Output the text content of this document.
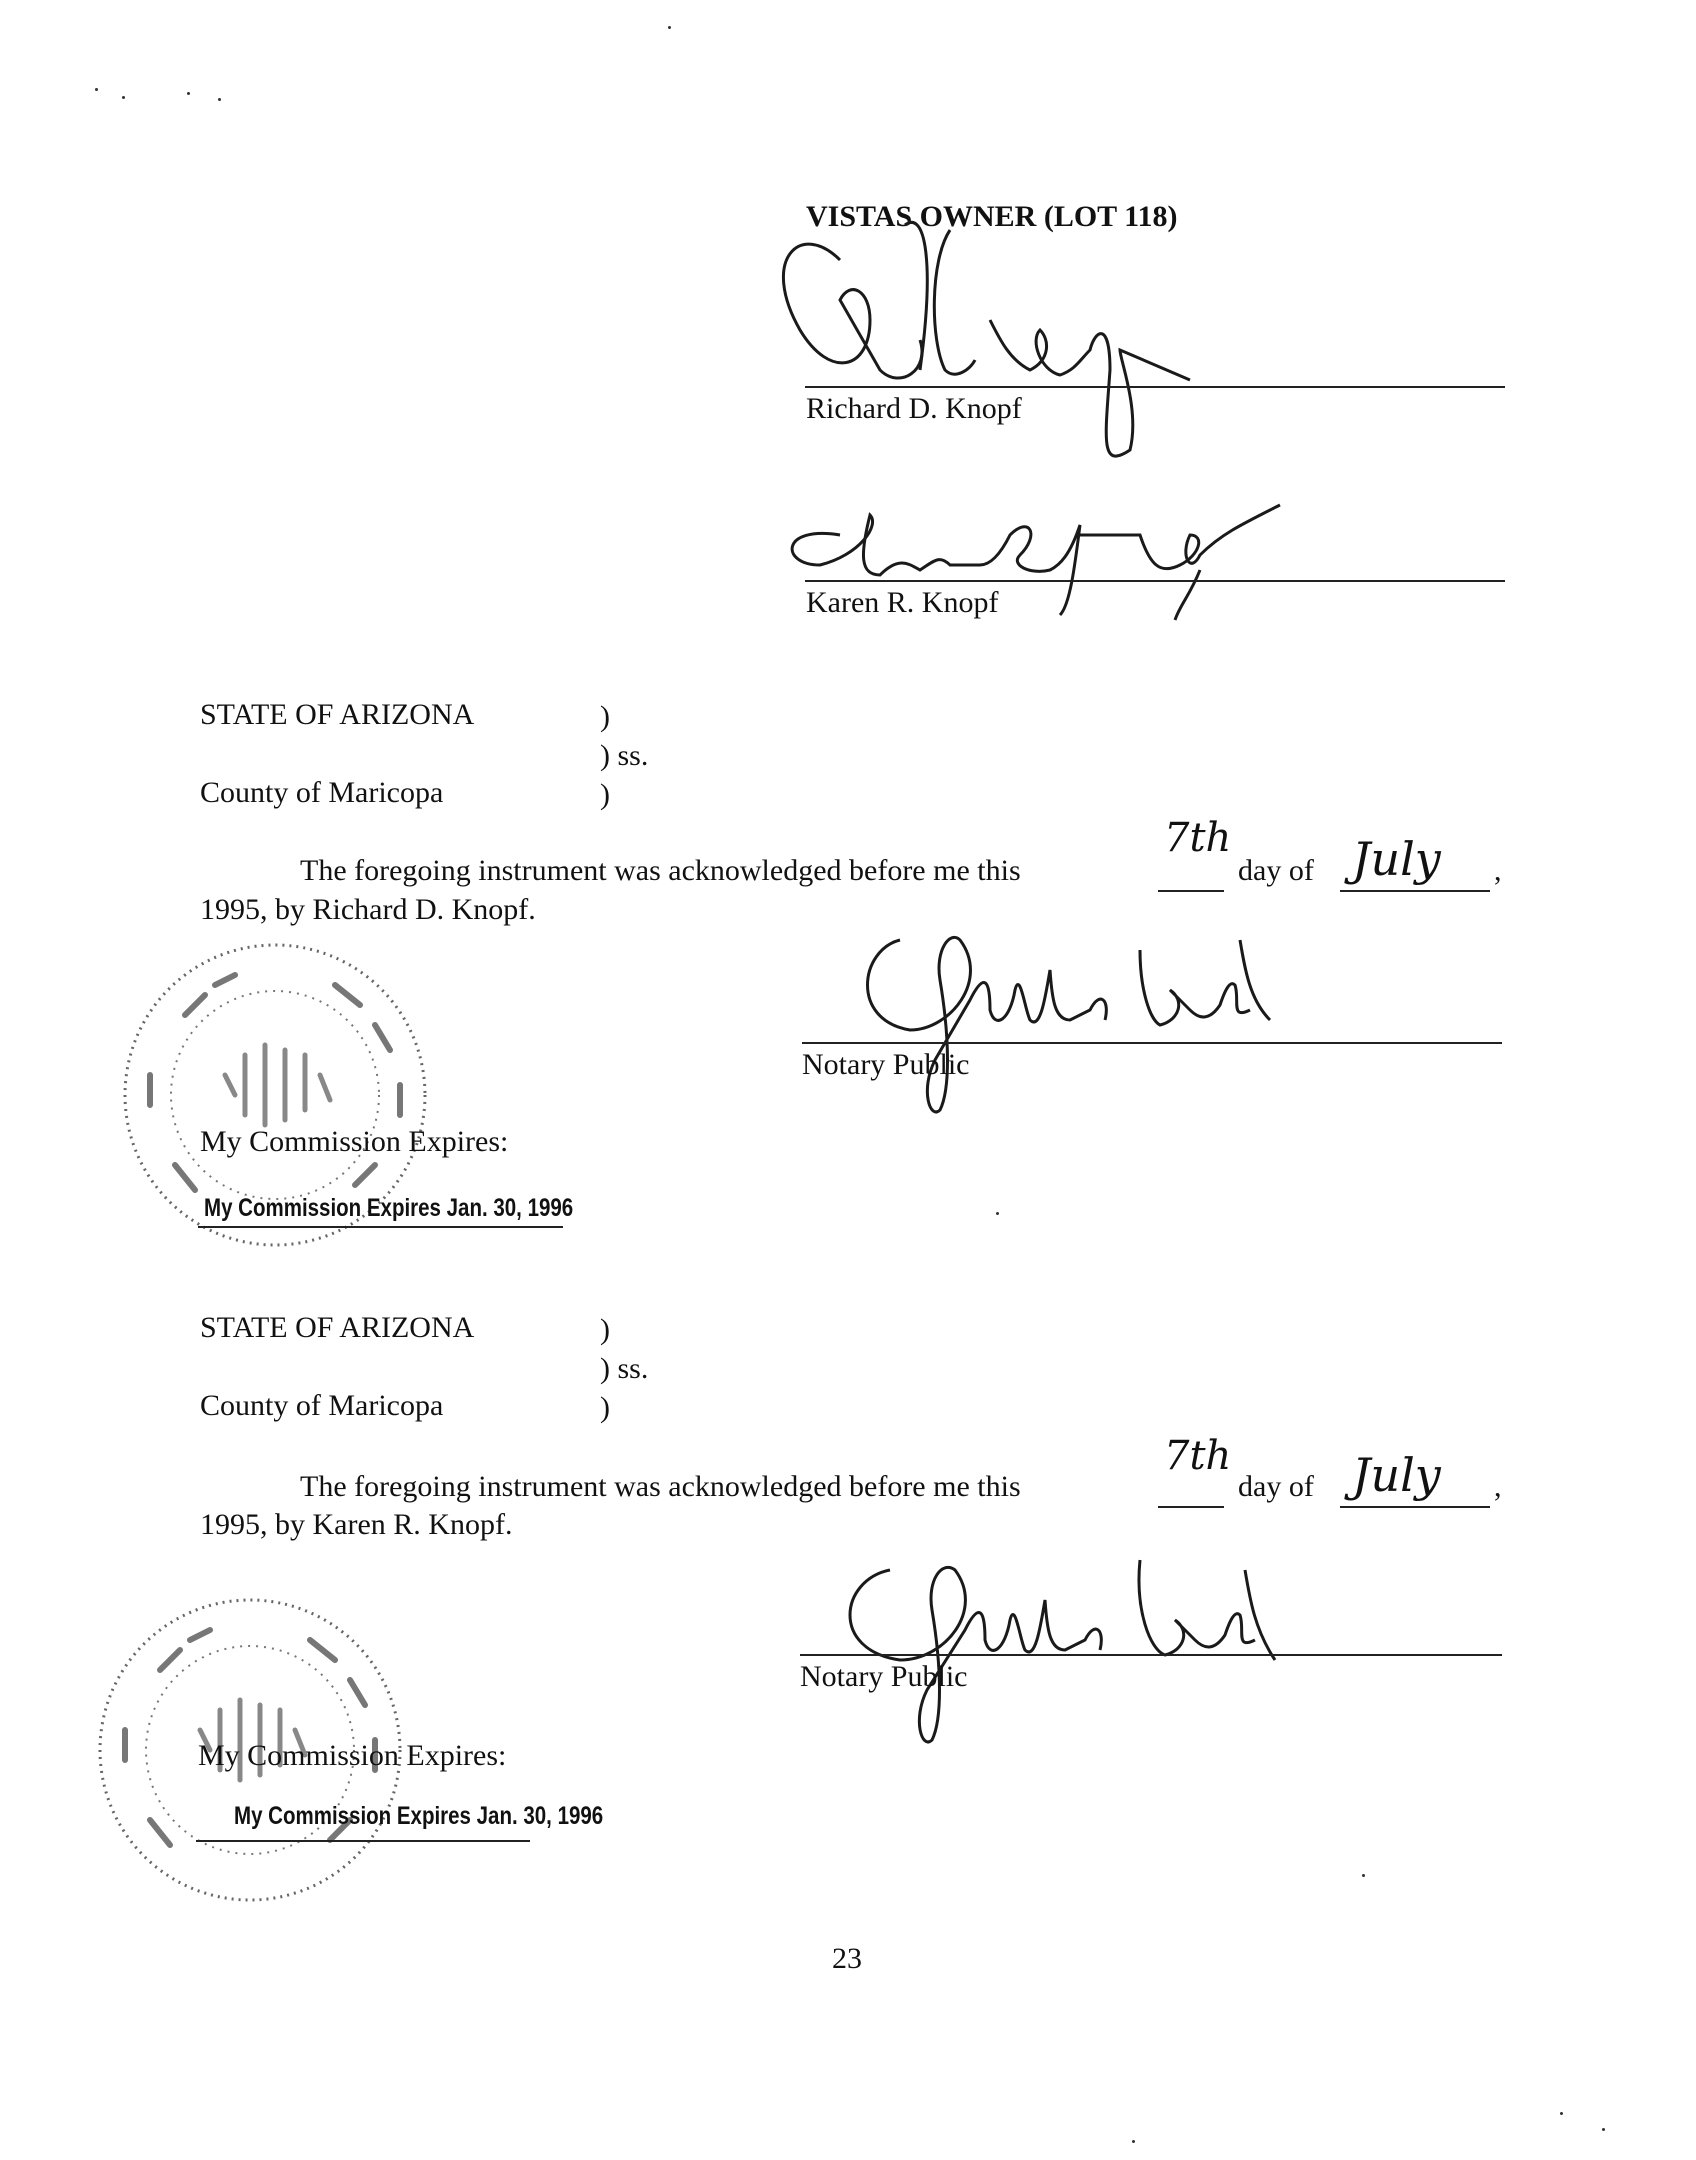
VISTAS OWNER (LOT 118)
Richard D. Knopf
Karen R. Knopf
STATE OF ARIZONA	)
) ss.
County of Maricopa	)
The foregoing instrument was acknowledged before me this
7th
day of July ,
1995, by Richard D. Knopf.
Notary Public
My Commission Expires:
My Commission Expires Jan. 30, 1996
STATE OF ARIZONA	)
) ss.
County of Maricopa	)
The foregoing instrument was acknowledged before me this
7th
day of July ,
1995, by Karen R. Knopf.
Notary Public
My Commission Expires:
My Commission Expires Jan. 30, 1996
23
